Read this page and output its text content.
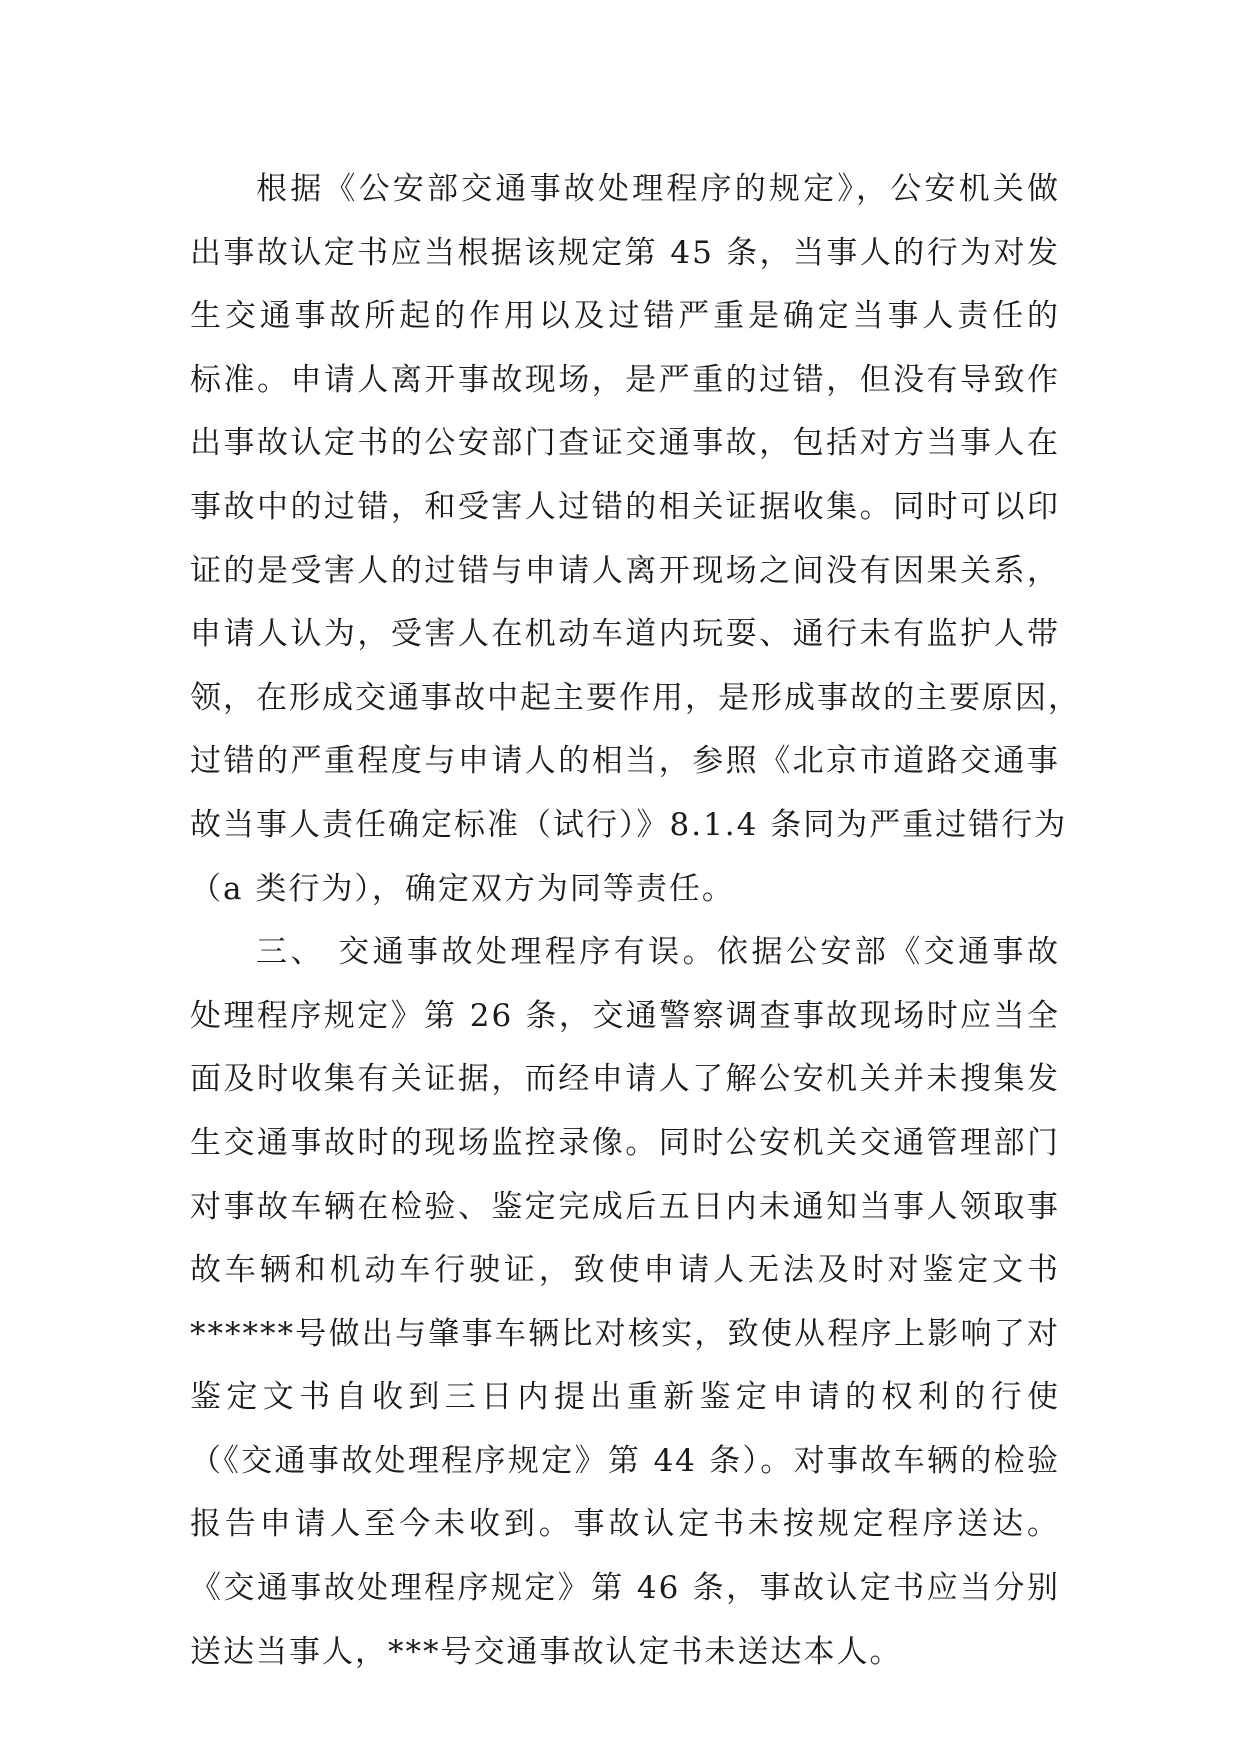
根据《公安部交通事故处理程序的规定》，公安机关做
出事故认定书应当根据该规定第 45 条，当事人的行为对发
生交通事故所起的作用以及过错严重是确定当事人责任的
标准。申请人离开事故现场，是严重的过错，但没有导致作
出事故认定书的公安部门查证交通事故，包括对方当事人在
事故中的过错，和受害人过错的相关证据收集。同时可以印
证的是受害人的过错与申请人离开现场之间没有因果关系，
申请人认为，受害人在机动车道内玩耍、通行未有监护人带
领，在形成交通事故中起主要作用，是形成事故的主要原因，
过错的严重程度与申请人的相当，参照《北京市道路交通事
故当事人责任确定标准（试行）》8.1.4 条同为严重过错行为
（a 类行为），确定双方为同等责任。
三、 交通事故处理程序有误。依据公安部《交通事故
处理程序规定》第 26 条，交通警察调查事故现场时应当全
面及时收集有关证据，而经申请人了解公安机关并未搜集发
生交通事故时的现场监控录像。同时公安机关交通管理部门
对事故车辆在检验、鉴定完成后五日内未通知当事人领取事
故车辆和机动车行驶证，致使申请人无法及时对鉴定文书
******号做出与肇事车辆比对核实，致使从程序上影响了对
鉴定文书自收到三日内提出重新鉴定申请的权利的行使
（《交通事故处理程序规定》第 44 条）。对事故车辆的检验
报告申请人至今未收到。事故认定书未按规定程序送达。
《交通事故处理程序规定》第 46 条，事故认定书应当分别
送达当事人，***号交通事故认定书未送达本人。
